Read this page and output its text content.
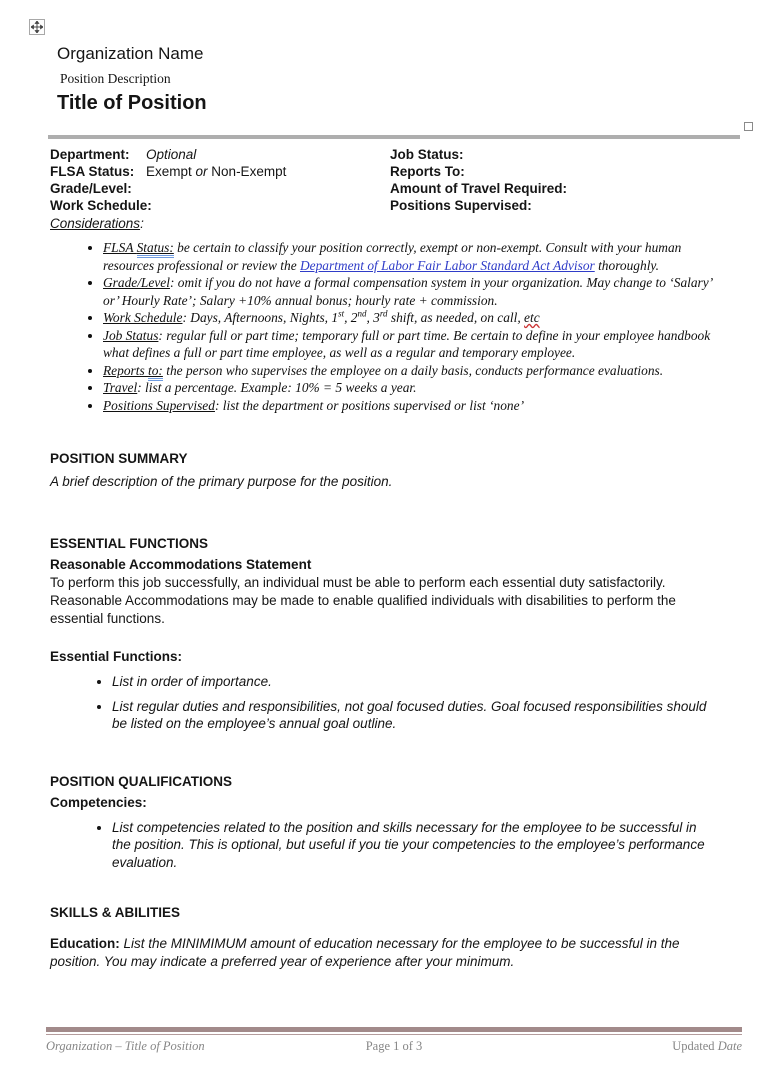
Organization Name
Position Description
Title of Position
Department: Optional
FLSA Status: Exempt or Non-Exempt
Grade/Level:
Work Schedule:
Job Status:
Reports To:
Amount of Travel Required:
Positions Supervised:
Considerations:
• FLSA Status: be certain to classify your position correctly, exempt or non-exempt. Consult with your human resources professional or review the Department of Labor Fair Labor Standard Act Advisor thoroughly.
• Grade/Level: omit if you do not have a formal compensation system in your organization. May change to ‘Salary’ or’ Hourly Rate’; Salary +10% annual bonus; hourly rate + commission.
• Work Schedule: Days, Afternoons, Nights, 1st, 2nd, 3rd shift, as needed, on call, etc
• Job Status: regular full or part time; temporary full or part time. Be certain to define in your employee handbook what defines a full or part time employee, as well as a regular and temporary employee.
• Reports to: the person who supervises the employee on a daily basis, conducts performance evaluations.
• Travel: list a percentage. Example: 10% = 5 weeks a year.
• Positions Supervised: list the department or positions supervised or list ‘none’
POSITION SUMMARY
A brief description of the primary purpose for the position.
ESSENTIAL FUNCTIONS
Reasonable Accommodations Statement
To perform this job successfully, an individual must be able to perform each essential duty satisfactorily. Reasonable Accommodations may be made to enable qualified individuals with disabilities to perform the essential functions.
Essential Functions:
• List in order of importance.
• List regular duties and responsibilities, not goal focused duties. Goal focused responsibilities should be listed on the employee’s annual goal outline.
POSITION QUALIFICATIONS
Competencies:
• List competencies related to the position and skills necessary for the employee to be successful in the position. This is optional, but useful if you tie your competencies to the employee’s performance evaluation.
SKILLS & ABILITIES
Education: List the MINIMIMUM amount of education necessary for the employee to be successful in the position. You may indicate a preferred year of experience after your minimum.
Organization – Title of Position	Page 1 of 3	Updated Date
